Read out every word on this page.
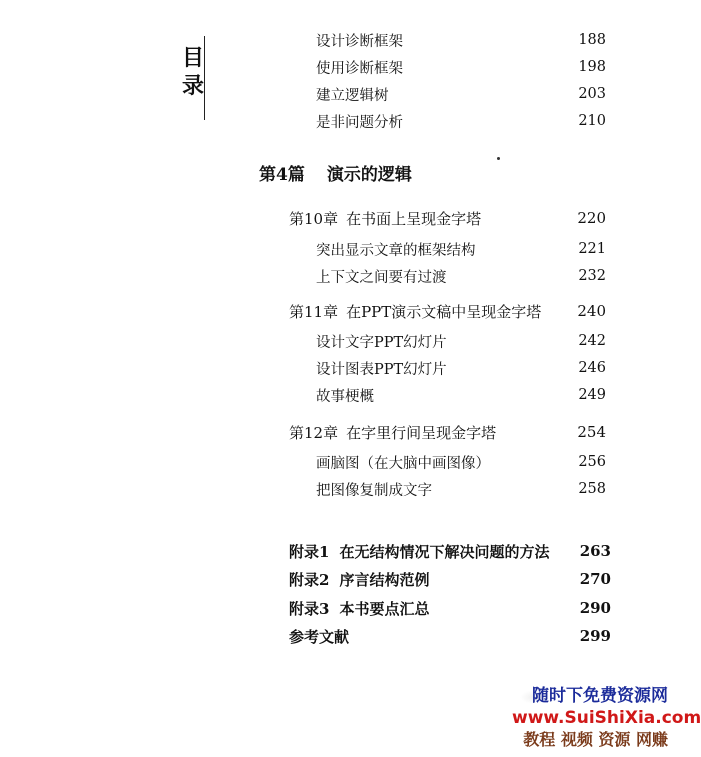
目录
设计诊断框架	188
使用诊断框架	198
建立逻辑树	203
是非问题分析	210
第4篇 演示的逻辑
第10章 在书面上呈现金字塔	220
突出显示文章的框架结构	221
上下文之间要有过渡	232
第11章 在PPT演示文稿中呈现金字塔 240
设计文字PPT幻灯片	242
设计图表PPT幻灯片	246
故事梗概	249
第12章 在字里行间呈现金字塔	254
画脑图（在大脑中画图像）	256
把图像复制成文字	258
附录1 在无结构情况下解决问题的方法 263
附录2 序言结构范例	270
附录3 本书要点汇总	290
参考文献	299
随时下免费资源网
www.SuiShiXia.com
教程 视频 资源 网赚
